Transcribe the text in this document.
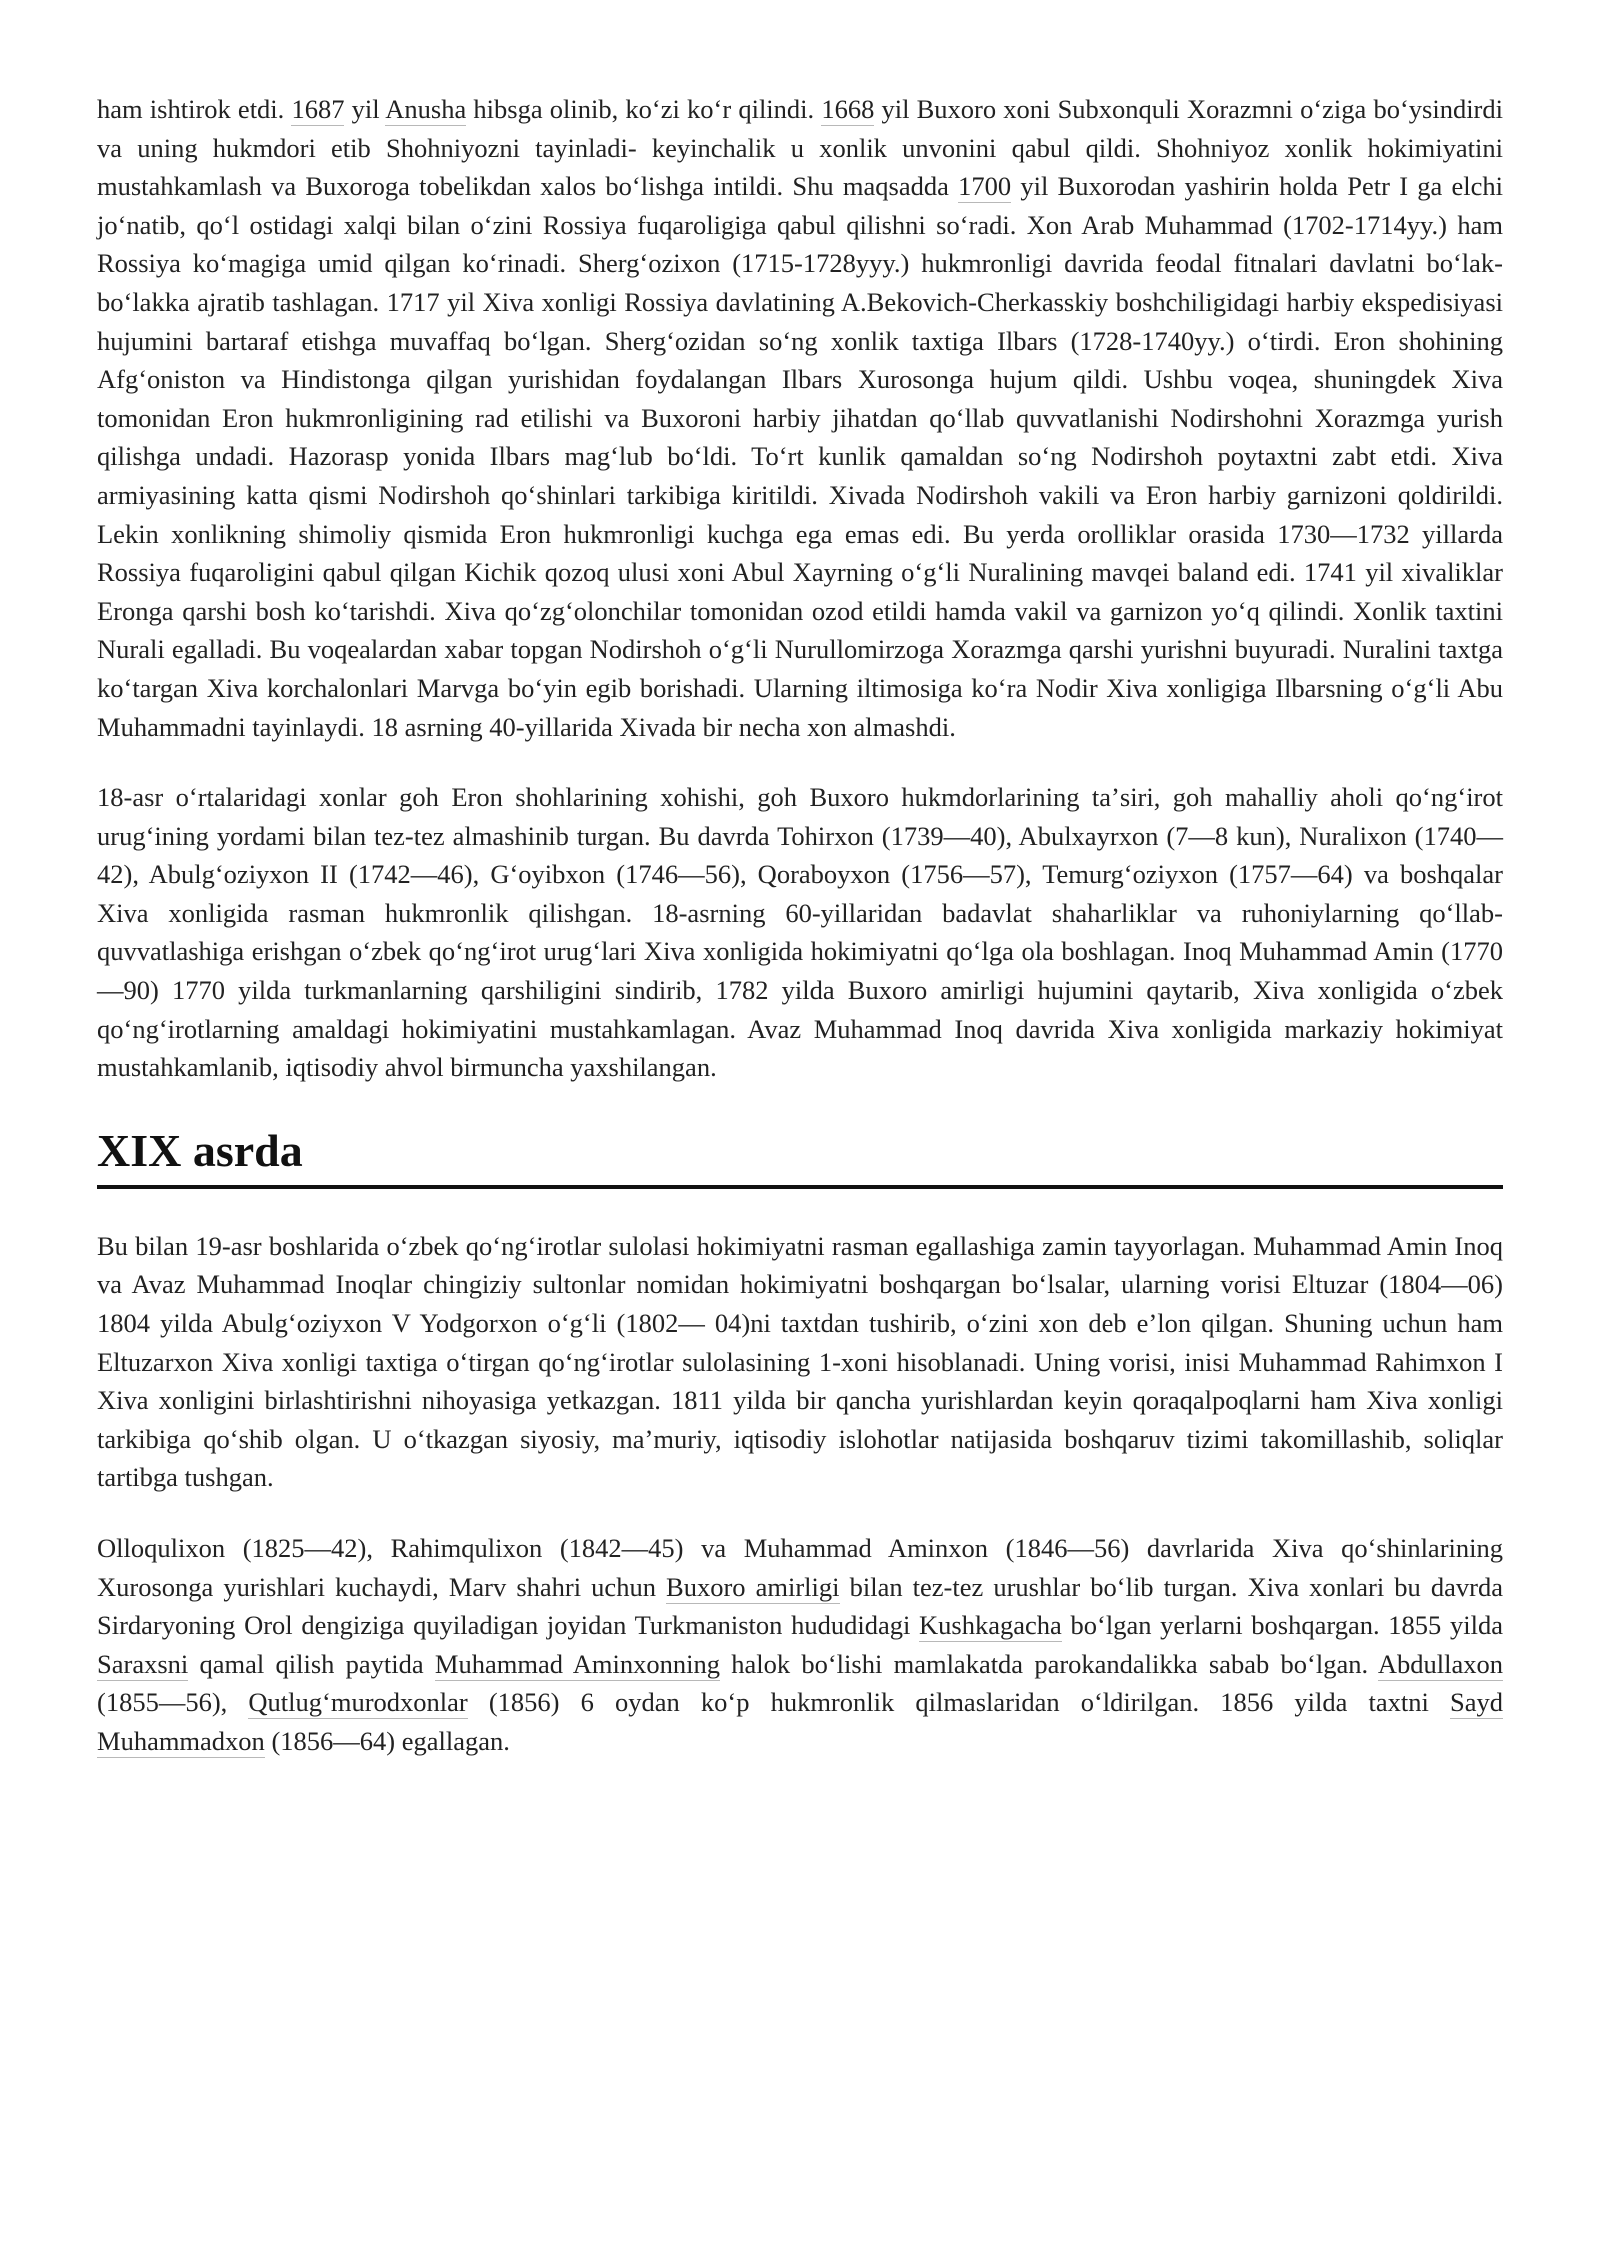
ham ishtirok etdi. 1687 yil Anusha hibsga olinib, koʻzi koʻr qilindi. 1668 yil Buxoro xoni Subxonquli Xorazmni oʻziga boʻysindirdi va uning hukmdori etib Shohniyozni tayinladi- keyinchalik u xonlik unvonini qabul qildi. Shohniyoz xonlik hokimiyatini mustahkamlash va Buxoroga tobelikdan xalos boʻlishga intildi. Shu maqsadda 1700 yil Buxorodan yashirin holda Petr I ga elchi joʻnatib, qoʻl ostidagi xalqi bilan oʻzini Rossiya fuqaroligiga qabul qilishni soʻradi. Xon Arab Muhammad (1702-1714yy.) ham Rossiya koʻmagiga umid qilgan koʻrinadi. Shergʻozixon (1715-1728yyy.) hukmronligi davrida feodal fitnalari davlatni boʻlak-boʻlakka ajratib tashlagan. 1717 yil Xiva xonligi Rossiya davlatining A.Bekovich-Cherkasskiy boshchiligidagi harbiy ekspedisiyasi hujumini bartaraf etishga muvaffaq boʻlgan. Shergʻozidan soʻng xonlik taxtiga Ilbars (1728-1740yy.) oʻtirdi. Eron shohining Afgʻoniston va Hindistonga qilgan yurishidan foydalangan Ilbars Xurosonga hujum qildi. Ushbu voqea, shuningdek Xiva tomonidan Eron hukmronligining rad etilishi va Buxoroni harbiy jihatdan qoʻllab quvvatlanishi Nodirshohni Xorazmga yurish qilishga undadi. Hazorasp yonida Ilbars magʻlub boʻldi. Toʻrt kunlik qamaldan soʻng Nodirshoh poytaxtni zabt etdi. Xiva armiyasining katta qismi Nodirshoh qoʻshinlari tarkibiga kiritildi. Xivada Nodirshoh vakili va Eron harbiy garnizoni qoldirildi. Lekin xonlikning shimoliy qismida Eron hukmronligi kuchga ega emas edi. Bu yerda orolliklar orasida 1730—1732 yillarda Rossiya fuqaroligini qabul qilgan Kichik qozoq ulusi xoni Abul Xayrning oʻgʻli Nuralining mavqei baland edi. 1741 yil xivaliklar Eronga qarshi bosh koʻtarishdi. Xiva qoʻzgʻolonchilar tomonidan ozod etildi hamda vakil va garnizon yoʻq qilindi. Xonlik taxtini Nurali egalladi. Bu voqealardan xabar topgan Nodirshoh oʻgʻli Nurullomirzoga Xorazmga qarshi yurishni buyuradi. Nuralini taxtga koʻtargan Xiva korchalonlari Marvga boʻyin egib borishadi. Ularning iltimosiga koʻra Nodir Xiva xonligiga Ilbarsning oʻgʻli Abu Muhammadni tayinlaydi. 18 asrning 40-yillarida Xivada bir necha xon almashdi.

18-asr oʻrtalaridagi xonlar goh Eron shohlarining xohishi, goh Buxoro hukmdorlarining taʼsiri, goh mahalliy aholi qoʻngʻirot urugʻining yordami bilan tez-tez almashinib turgan. Bu davrda Tohirxon (1739—40), Abulxayrxon (7—8 kun), Nuralixon (1740—42), Abulgʻoziyxon II (1742—46), Gʻoyibxon (1746—56), Qoraboyxon (1756—57), Temurgʻoziyxon (1757—64) va boshqalar Xiva xonligida rasman hukmronlik qilishgan. 18-asrning 60-yillaridan badavlat shaharliklar va ruhoniylarning qoʻllab-quvvatlashiga erishgan oʻzbek qoʻngʻirot urugʻlari Xiva xonligida hokimiyatni qoʻlga ola boshlagan. Inoq Muhammad Amin (1770—90) 1770 yilda turkmanlarning qarshiligini sindirib, 1782 yilda Buxoro amirligi hujumini qaytarib, Xiva xonligida oʻzbek qoʻngʻirotlarning amaldagi hokimiyatini mustahkamlagan. Avaz Muhammad Inoq davrida Xiva xonligida markaziy hokimiyat mustahkamlanib, iqtisodiy ahvol birmuncha yaxshilangan.

XIX asrda

Bu bilan 19-asr boshlarida oʻzbek qoʻngʻirotlar sulolasi hokimiyatni rasman egallashiga zamin tayyorlagan. Muhammad Amin Inoq va Avaz Muhammad Inoqlar chingiziy sultonlar nomidan hokimiyatni boshqargan boʻlsalar, ularning vorisi Eltuzar (1804—06) 1804 yilda Abulgʻoziyxon V Yodgorxon oʻgʻli (1802— 04)ni taxtdan tushirib, oʻzini xon deb eʼlon qilgan. Shuning uchun ham Eltuzarxon Xiva xonligi taxtiga oʻtirgan qoʻngʻirotlar sulolasining 1-xoni hisoblanadi. Uning vorisi, inisi Muhammad Rahimxon I Xiva xonligini birlashtirishni nihoyasiga yetkazgan. 1811 yilda bir qancha yurishlardan keyin qoraqalpoqlarni ham Xiva xonligi tarkibiga qoʻshib olgan. U oʻtkazgan siyosiy, maʼmuriy, iqtisodiy islohotlar natijasida boshqaruv tizimi takomillashib, soliqlar tartibga tushgan.

Olloqulixon (1825—42), Rahimqulixon (1842—45) va Muhammad Aminxon (1846—56) davrlarida Xiva qoʻshinlarining Xurosonga yurishlari kuchaydi, Marv shahri uchun Buxoro amirligi bilan tez-tez urushlar boʻlib turgan. Xiva xonlari bu davrda Sirdaryoning Orol dengiziga quyiladigan joyidan Turkmaniston hududidagi Kushkagacha boʻlgan yerlarni boshqargan. 1855 yilda Saraxsni qamal qilish paytida Muhammad Aminxonning halok boʻlishi mamlakatda parokandalikka sabab boʻlgan. Abdullaxon (1855—56), Qutlugʻmurodxonlar (1856) 6 oydan koʻp hukmronlik qilmaslaridan oʻldirilgan. 1856 yilda taxtni Sayd Muhammadxon (1856—64) egallagan.
